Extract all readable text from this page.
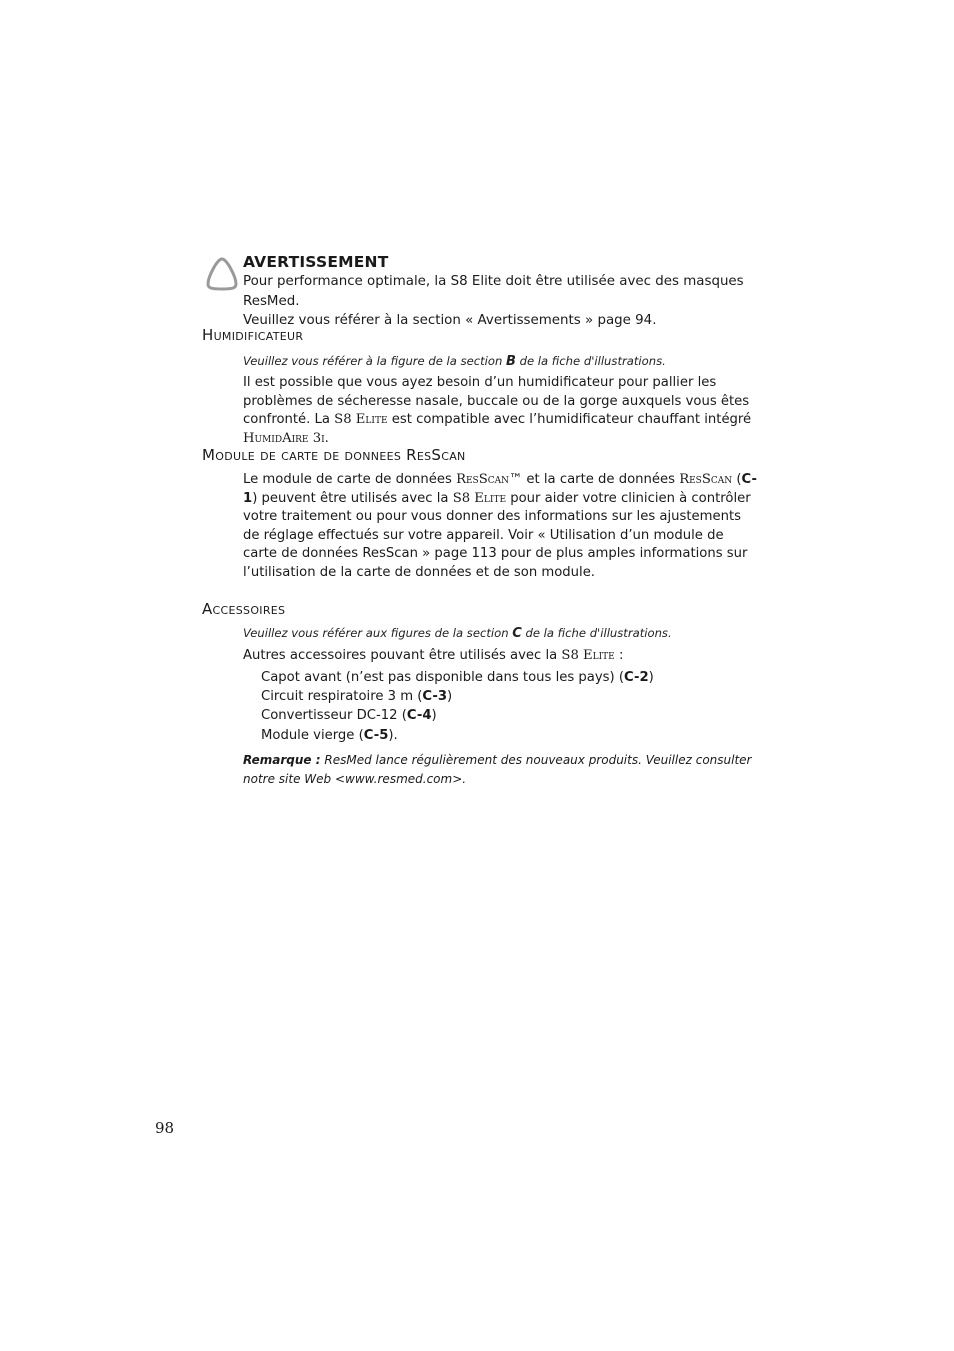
AVERTISSEMENT
Pour performance optimale, la S8 Elite doit être utilisée avec des masques ResMed.
Veuillez vous référer à la section « Avertissements » page 94.
Humidificateur
Veuillez vous référer à la figure de la section B de la fiche d'illustrations.
Il est possible que vous ayez besoin d’un humidificateur pour pallier les problèmes de sécheresse nasale, buccale ou de la gorge auxquels vous êtes confronté. La S8 Elite est compatible avec l’humidificateur chauffant intégré HumidAire 3i.
Module de carte de donnees ResScan
Le module de carte de données ResScan™ et la carte de données ResScan (C-1) peuvent être utilisés avec la S8 Elite pour aider votre clinicien à contrôler votre traitement ou pour vous donner des informations sur les ajustements de réglage effectués sur votre appareil. Voir « Utilisation d’un module de carte de données ResScan » page 113 pour de plus amples informations sur l’utilisation de la carte de données et de son module.
Accessoires
Veuillez vous référer aux figures de la section C de la fiche d'illustrations.
Autres accessoires pouvant être utilisés avec la S8 Elite :
Capot avant (n’est pas disponible dans tous les pays) (C-2)
Circuit respiratoire 3 m (C-3)
Convertisseur DC-12 (C-4)
Module vierge (C-5).
Remarque : ResMed lance régulièrement des nouveaux produits. Veuillez consulter notre site Web <www.resmed.com>.
98
